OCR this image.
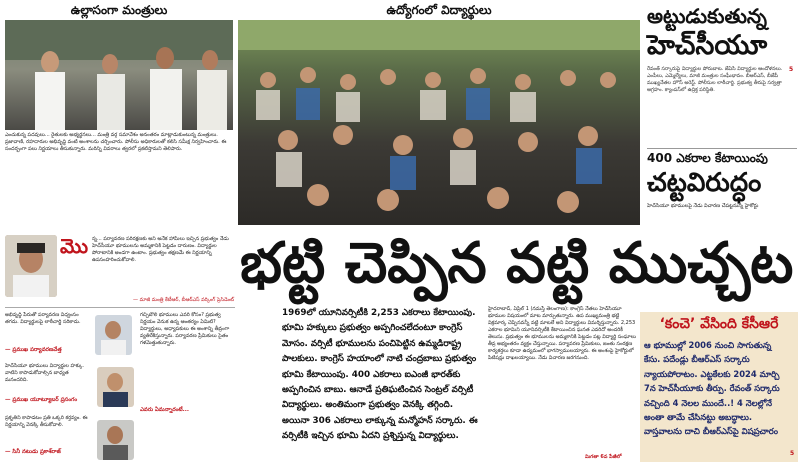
ఉల్లాసంగా మంత్రులు
ఎంచుకున్న పదవులు... రైతులకు అభ్యర్థనలు... మంత్రి వర్గ సమావేశం అనంతరం మాట్లాడుకుంటున్న మంత్రులు. ప్రజావాణి, రహదారుల అభివృద్ధి వంటి అంశాలను చర్చించారు. పోలీసు అధికారులతో కలిసి సమీక్ష నిర్వహించారు. ఈ సందర్భంగా పలు నిర్ణయాలు తీసుకున్నారు. మరిన్ని వివరాలు త్వరలో ప్రకటిస్తామని తెలిపారు.
ఉద్యోగంలో విద్యార్థులు	అట్టుడుకుతున్న
హెచ్‌సీయూ
రేవంత్ సర్కారుపై విద్యార్థుల పోరుబాట. జేఏసీ విద్యార్థుల ఆందోళనలు. ఎంపీలు, ఎమ్మెల్యేలు, మాజీ మంత్రుల సంఘీభావం. బీఆర్ఎస్, బీజేపీ ముఖ్యనేతల హౌస్ అరెస్ట్. పోలీసుల లాఠీచార్జి. ప్రభుత్వ తీరుపై సర్వత్రా ఆగ్రహం. క్యాంపస్‌లో ఉద్రిక్త పరిస్థితి.
5
400 ఎకరాల కేటాయింపు
చట్టవిరుద్ధం
హెచ్‌సీయూ భూములపై నేడు విచారణ చేపట్టనున్న హైకోర్టు
మొ న్న... పర్యావరణ పరిరక్షణకు అని అనేక హామీలు ఇచ్చిన ప్రభుత్వం నేడు హెచ్‌సీయూ భూములను అమ్మకానికి పెట్టడం దారుణం. విద్యార్థుల పోరాటానికి అండగా ఉంటాం. ప్రభుత్వం తక్షణమే ఈ నిర్ణయాన్ని ఉపసంహరించుకోవాలి.
— మాజీ మంత్రి కేటీఆర్, బీఆర్ఎస్ వర్కింగ్ ప్రెసిడెంట్
అభివృద్ధి పేరుతో పర్యావరణ విధ్వంసం తగదు. విద్యార్థులపై లాఠీచార్జి సరికాదు.
— ప్రముఖ పర్యావరణవేత్త
హెచ్‌సీయూ భూములు విద్యార్థుల హక్కు. వాటిని కాపాడుకోవాల్సిన బాధ్యత మనందరిది.
— ప్రముఖ యూట్యూబర్ ప్రసంగం
ప్రకృతిని కాపాడటం ప్రతి ఒక్కరి కర్తవ్యం. ఈ నిర్ణయాన్ని వెనక్కి తీసుకోవాలి.
— సినీ నటుడు ప్రకాశ్‌రాజ్
గచ్చిబౌలి భూములు ఎవరి కోసం? ప్రభుత్వ నిర్ణయం వెనుక ఉన్న ఆంతర్యం ఏమిటి? విద్యార్థులు, అధ్యాపకులు ఈ అంశాన్ని తీవ్రంగా వ్యతిరేకిస్తున్నారు. పర్యావరణ ప్రేమికులు సైతం గళమెత్తుతున్నారు.
ఎవరు ఏమన్నారంటే...
భట్టి చెప్పిన వట్టి ముచ్చట
1969లో యూనివర్సిటీకి 2,253 ఎకరాలు కేటాయింపు. భూమి హక్కులు ప్రభుత్వం అప్పగించలేదంటూ కాంగ్రెస్ మోసం. వర్సిటీ భూములను పంచిపెట్టిన ఉమ్మడిరాష్ట్ర పాలకులు. కాంగ్రెస్ హయాంలో నాటి చంద్రబాబు ప్రభుత్వం భూమి కేటాయింపు. 400 ఎకరాలు ఐఎంజీ భారత్‌కు అప్పగించిన బాబు. ఆనాడే ప్రతిఘటించిన సెంట్రల్ వర్సిటీ విద్యార్థులు. అంతిమంగా ప్రభుత్వం వెనక్కి తగ్గింది. అయినా 306 ఎకరాలు లాక్కున్న మన్మోహన్ సర్కారు. ఈ వర్సిటీకి ఇచ్చిన భూమి ఏదని ప్రశ్నిస్తున్న విద్యార్థులు.
హైదరాబాద్, ఏప్రిల్ 1 (నమస్తే తెలంగాణ): కాంగ్రెస్ నేతలు హెచ్‌సీయూ భూముల విషయంలో మాట మార్చుతున్నారు. ఉప ముఖ్యమంత్రి భట్టి విక్రమార్క చెప్పినవన్నీ వట్టి మాటలే అని విద్యార్థులు విమర్శిస్తున్నారు. 2,253 ఎకరాల భూమిని యూనివర్సిటీకి కేటాయించిన ఘనత ఎవరిదో అందరికీ తెలుసు. ప్రభుత్వం ఈ భూములను అమ్మకానికి పెట్టడం పట్ల విద్యార్థి సంఘాలు తీవ్ర అభ్యంతరం వ్యక్తం చేస్తున్నాయి. పర్యావరణ ప్రేమికులు, జంతు సంరక్షణ కార్యకర్తలు కూడా ఉద్యమంలో భాగస్వాములయ్యారు. ఈ అంశంపై హైకోర్టులో పిటిషన్లు దాఖలయ్యాయి. నేడు విచారణ జరగనుంది.
మిగతా 6వ పేజీలో
‘కంచె’ వేసింది కేసీఆరే
ఆ భూముల్లో 2006 నుంచి సాగుతున్న కేసు. పదేండ్లు బీఆర్ఎస్ సర్కారు న్యాయపోరాటం. ఎట్టకేలకు 2024 మార్చి 7న హెచ్‌సీయూకు తీర్పు. రేవంత్ సర్కారు వచ్చింది 4 నెలల ముందే..! 4 నెలల్లోనే అంతా తామే చేసినట్టు అబద్ధాలు. వాస్తవాలను దాచి బీఆర్ఎస్‌పై విషప్రచారం
5
